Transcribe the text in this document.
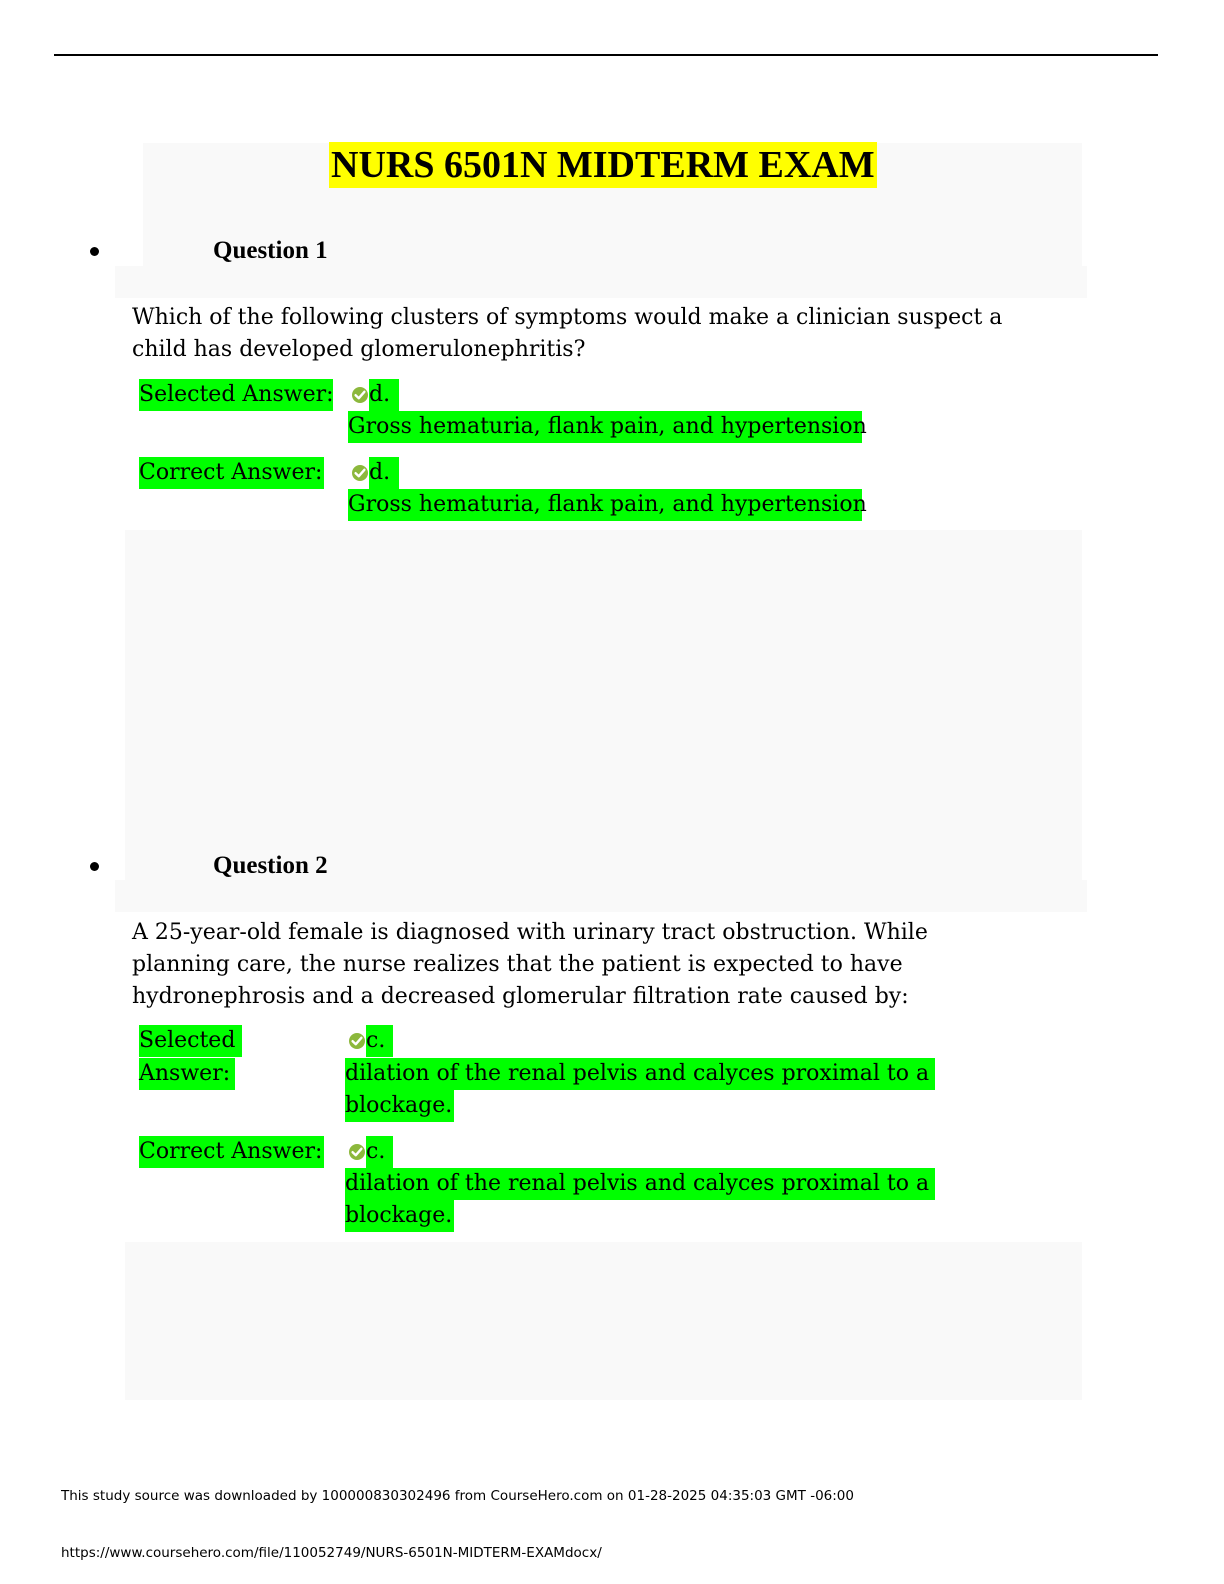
NURS 6501N MIDTERM EXAM
Question 1
Which of the following clusters of symptoms would make a clinician suspect a child has developed glomerulonephritis?
Selected Answer: d.
Gross hematuria, flank pain, and hypertension
Correct Answer: d.
Gross hematuria, flank pain, and hypertension
Question 2
A 25-year-old female is diagnosed with urinary tract obstruction. While planning care, the nurse realizes that the patient is expected to have hydronephrosis and a decreased glomerular filtration rate caused by:
Selected
Answer:
c.
dilation of the renal pelvis and calyces proximal to a
blockage.
Correct Answer: c.
dilation of the renal pelvis and calyces proximal to a
blockage.
This study source was downloaded by 100000830302496 from CourseHero.com on 01-28-2025 04:35:03 GMT -06:00
https://www.coursehero.com/file/110052749/NURS-6501N-MIDTERM-EXAMdocx/
